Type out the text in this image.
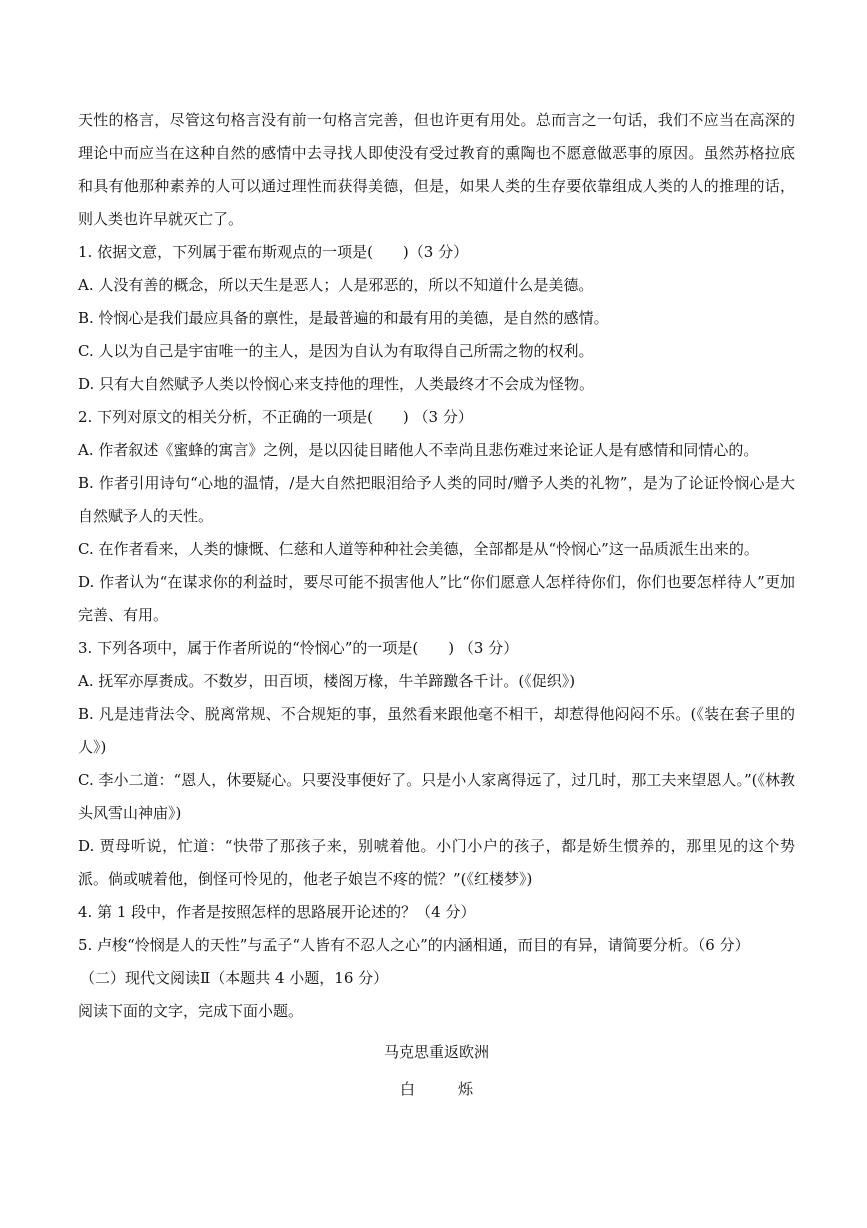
天性的格言，尽管这句格言没有前一句格言完善，但也许更有用处。总而言之一句话，我们不应当在高深的理论中而应当在这种自然的感情中去寻找人即使没有受过教育的熏陶也不愿意做恶事的原因。虽然苏格拉底和具有他那种素养的人可以通过理性而获得美德，但是，如果人类的生存要依靠组成人类的人的推理的话，则人类也许早就灭亡了。

1. 依据文意，下列属于霍布斯观点的一项是(　　)（3 分）

A. 人没有善的概念，所以天生是恶人；人是邪恶的，所以不知道什么是美德。

B. 怜悯心是我们最应具备的禀性，是最普遍的和最有用的美德，是自然的感情。

C. 人以为自己是宇宙唯一的主人，是因为自认为有取得自己所需之物的权利。

D. 只有大自然赋予人类以怜悯心来支持他的理性，人类最终才不会成为怪物。

2. 下列对原文的相关分析，不正确的一项是(　　) （3 分）

A. 作者叙述《蜜蜂的寓言》之例，是以囚徒目睹他人不幸尚且悲伤难过来论证人是有感情和同情心的。

B. 作者引用诗句“心地的温情，/是大自然把眼泪给予人类的同时/赠予人类的礼物”，是为了论证怜悯心是大自然赋予人的天性。

C. 在作者看来，人类的慷慨、仁慈和人道等种种社会美德，全部都是从“怜悯心”这一品质派生出来的。

D. 作者认为“在谋求你的利益时，要尽可能不损害他人”比“你们愿意人怎样待你们，你们也要怎样待人”更加完善、有用。

3. 下列各项中，属于作者所说的“怜悯心”的一项是(　　) （3 分）

A. 抚军亦厚赉成。不数岁，田百顷，楼阁万椽，牛羊蹄躈各千计。(《促织》)

B. 凡是违背法令、脱离常规、不合规矩的事，虽然看来跟他毫不相干，却惹得他闷闷不乐。(《装在套子里的人》)

C. 李小二道：“恩人，休要疑心。只要没事便好了。只是小人家离得远了，过几时，那工夫来望恩人。”(《林教头风雪山神庙》)

D. 贾母听说，忙道：“快带了那孩子来，别唬着他。小门小户的孩子，都是娇生惯养的，那里见的这个势派。倘或唬着他，倒怪可怜见的，他老子娘岂不疼的慌？”(《红楼梦》)

4. 第 1 段中，作者是按照怎样的思路展开论述的？（4 分）

5. 卢梭“怜悯是人的天性”与孟子“人皆有不忍人之心”的内涵相通，而目的有异，请简要分析。（6 分）

（二）现代文阅读Ⅱ（本题共 4 小题，16 分）

阅读下面的文字，完成下面小题。

马克思重返欧洲

白　烁
